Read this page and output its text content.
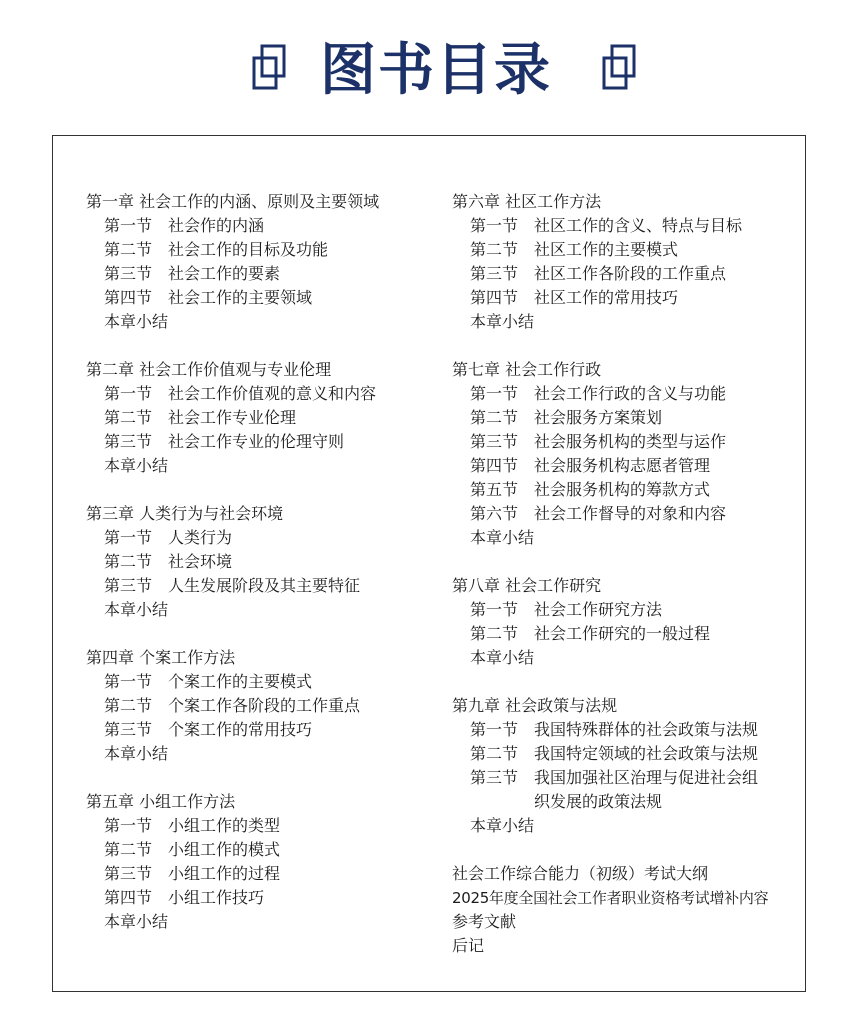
图书目录
第一章 社会工作的内涵、原则及主要领域
第一节 社会作的内涵
第二节 社会工作的目标及功能
第三节 社会工作的要素
第四节 社会工作的主要领域
本章小结
第二章 社会工作价值观与专业伦理
第一节 社会工作价值观的意义和内容
第二节 社会工作专业伦理
第三节 社会工作专业的伦理守则
本章小结
第三章 人类行为与社会环境
第一节 人类行为
第二节 社会环境
第三节 人生发展阶段及其主要特征
本章小结
第四章 个案工作方法
第一节 个案工作的主要模式
第二节 个案工作各阶段的工作重点
第三节 个案工作的常用技巧
本章小结
第五章 小组工作方法
第一节 小组工作的类型
第二节 小组工作的模式
第三节 小组工作的过程
第四节 小组工作技巧
本章小结
第六章 社区工作方法
第一节 社区工作的含义、特点与目标
第二节 社区工作的主要模式
第三节 社区工作各阶段的工作重点
第四节 社区工作的常用技巧
本章小结
第七章 社会工作行政
第一节 社会工作行政的含义与功能
第二节 社会服务方案策划
第三节 社会服务机构的类型与运作
第四节 社会服务机构志愿者管理
第五节 社会服务机构的筹款方式
第六节 社会工作督导的对象和内容
本章小结
第八章 社会工作研究
第一节 社会工作研究方法
第二节 社会工作研究的一般过程
本章小结
第九章 社会政策与法规
第一节 我国特殊群体的社会政策与法规
第二节 我国特定领域的社会政策与法规
第三节 我国加强社区治理与促进社会组
织发展的政策法规
本章小结
社会工作综合能力（初级）考试大纲
2025年度全国社会工作者职业资格考试增补内容
参考文献
后记
